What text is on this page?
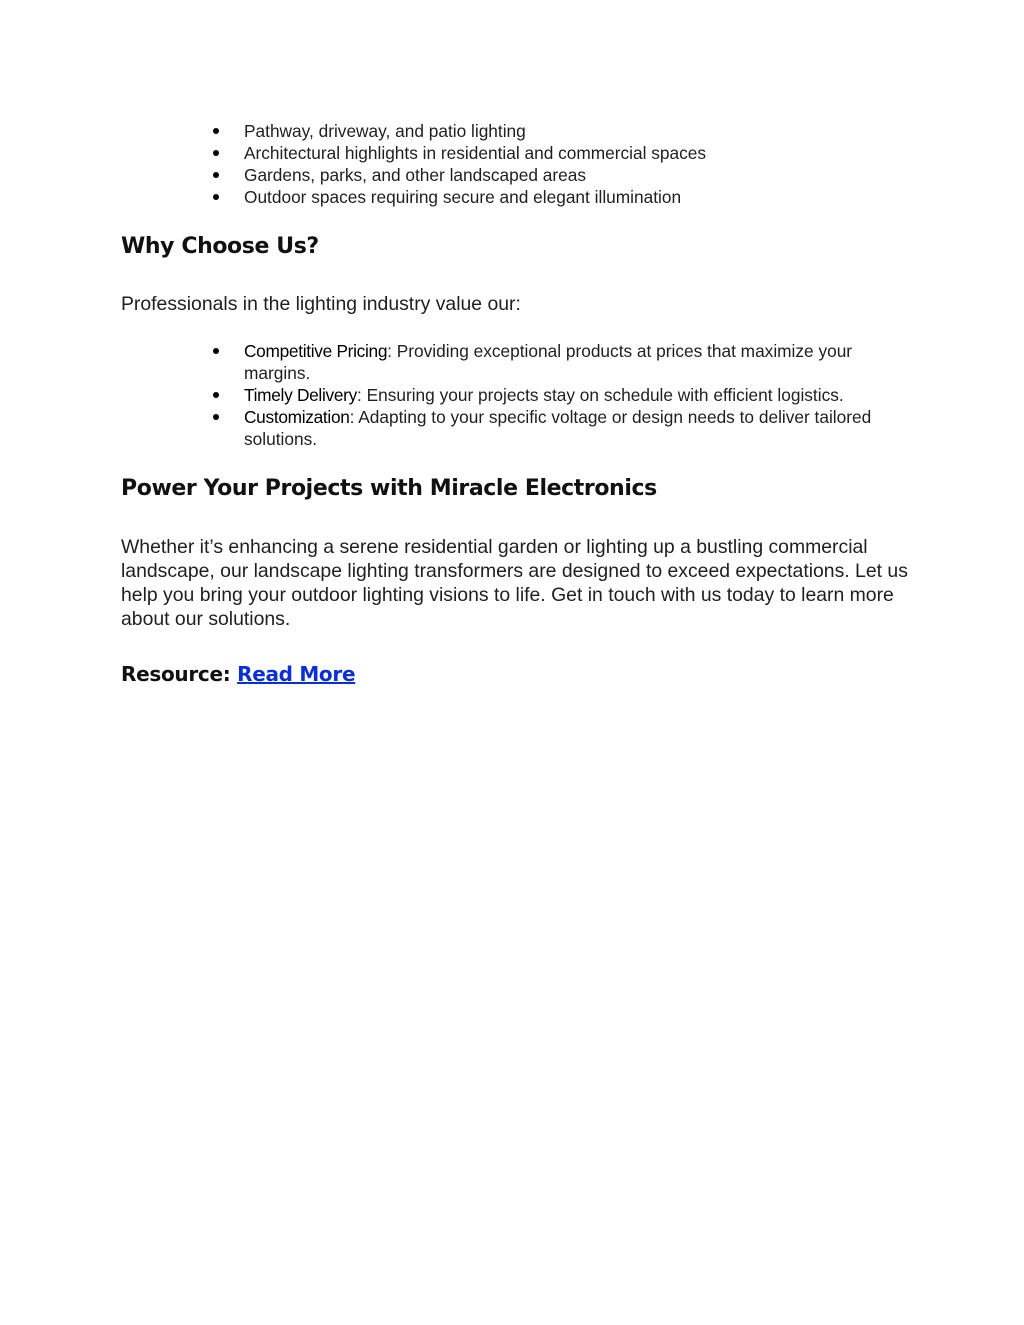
Pathway, driveway, and patio lighting
Architectural highlights in residential and commercial spaces
Gardens, parks, and other landscaped areas
Outdoor spaces requiring secure and elegant illumination
Why Choose Us?

Professionals in the lighting industry value our:

Competitive Pricing: Providing exceptional products at prices that maximize your margins.
Timely Delivery: Ensuring your projects stay on schedule with efficient logistics.
Customization: Adapting to your specific voltage or design needs to deliver tailored solutions.
Power Your Projects with Miracle Electronics

Whether it’s enhancing a serene residential garden or lighting up a bustling commercial landscape, our landscape lighting transformers are designed to exceed expectations. Let us help you bring your outdoor lighting visions to life. Get in touch with us today to learn more about our solutions.

Resource: Read More
